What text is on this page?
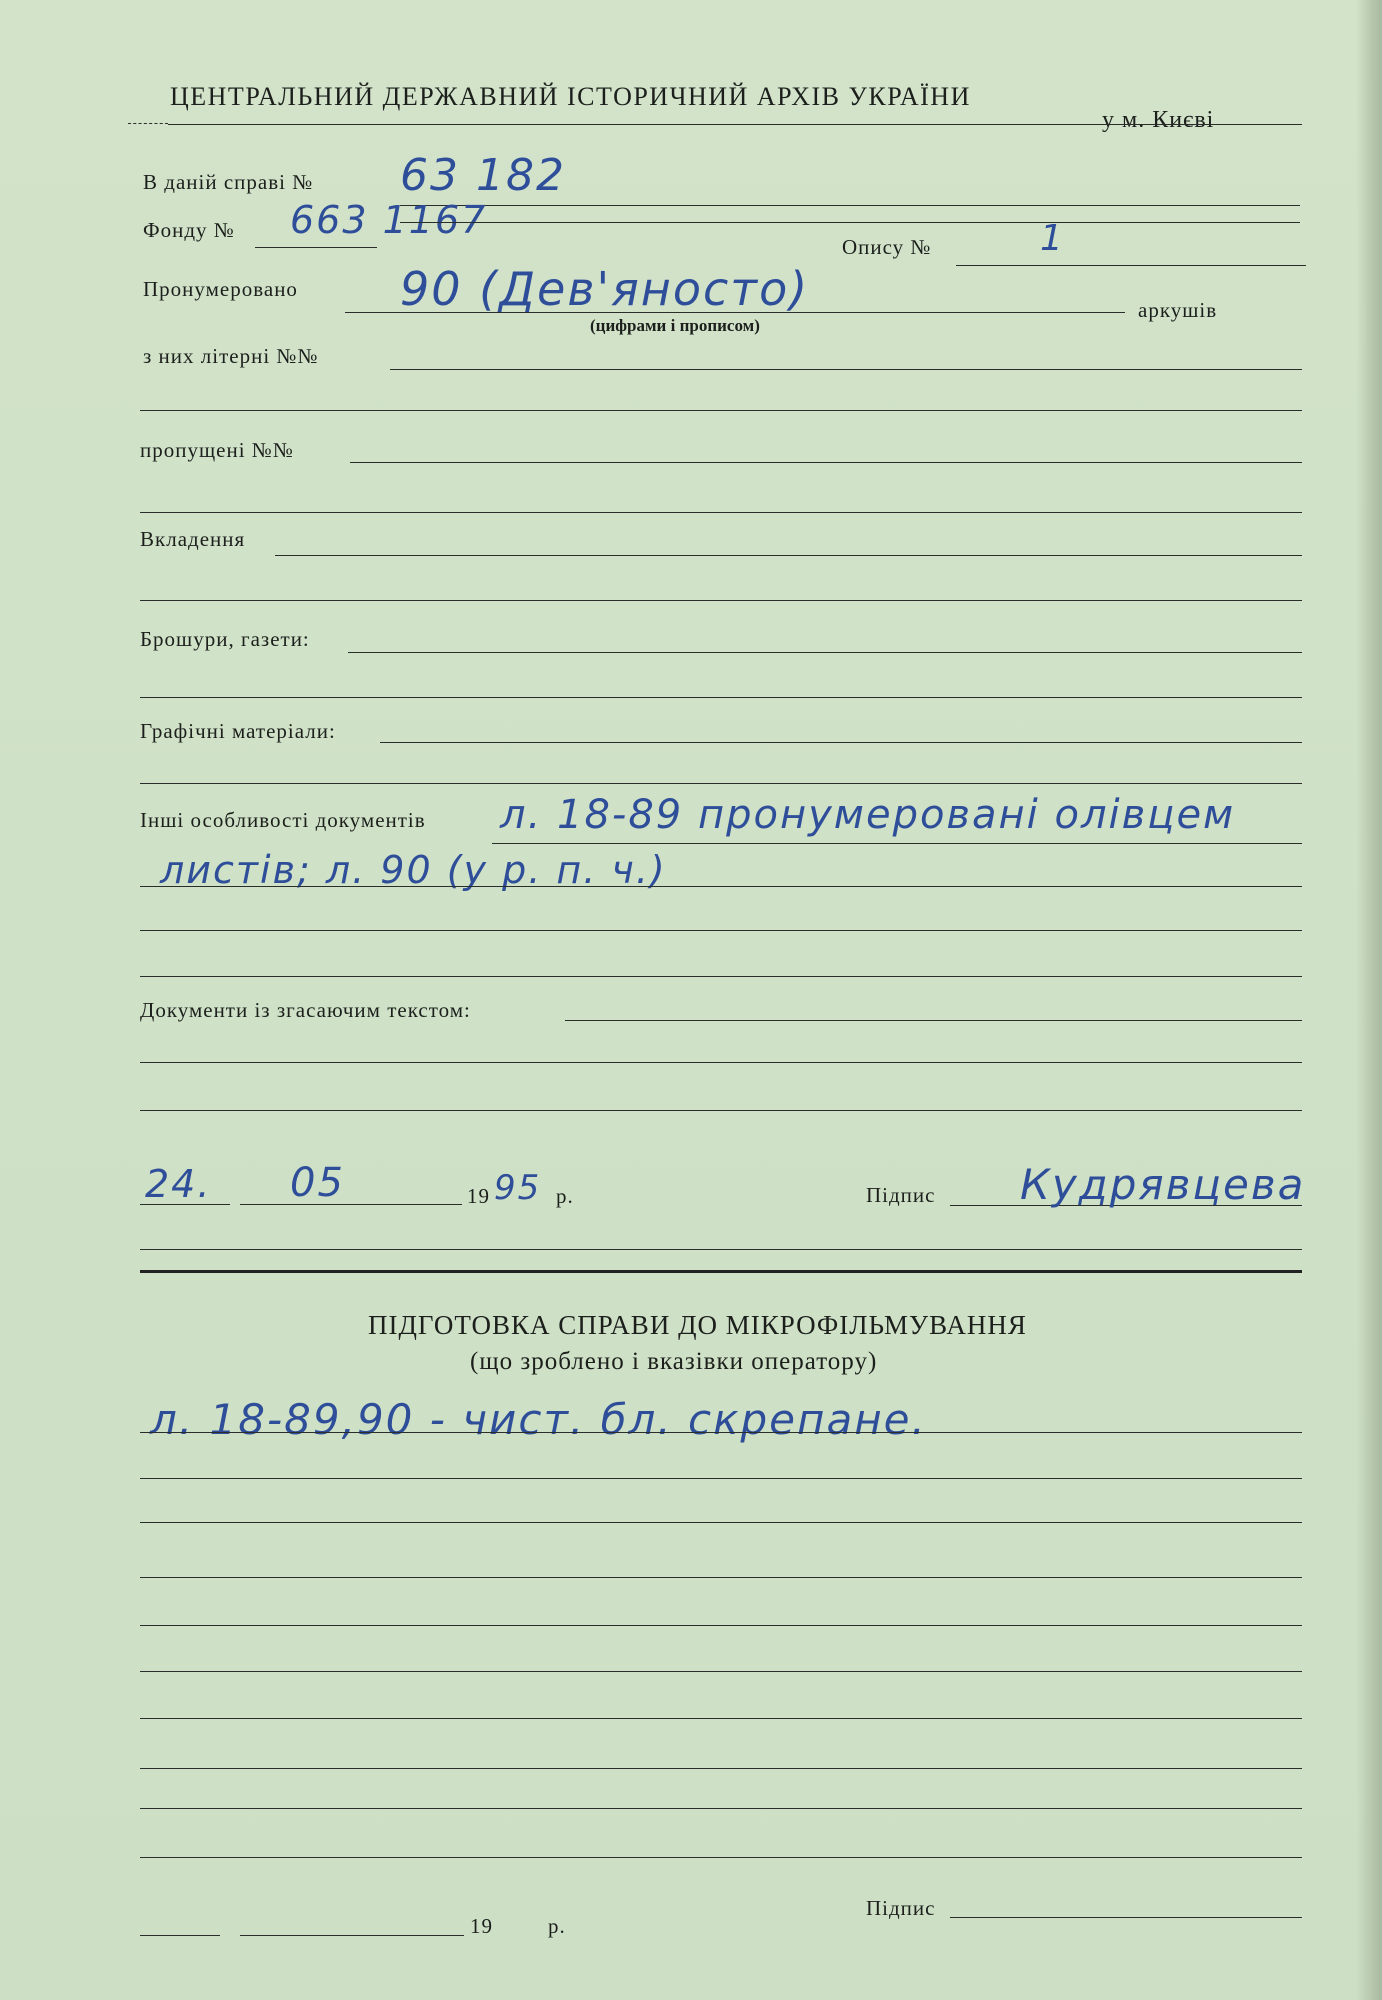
ЦЕНТРАЛЬНИЙ ДЕРЖАВНИЙ ІСТОРИЧНИЙ АРХІВ УКРАЇНИ
у м. Києві
В даній справі № 63 182
Фонду № 663 1167
Опису №	1
Пронумеровано 90 (Дев'яносто)
(цифрами і прописом)
аркушів
з них літерні №№
пропущені №№
Вкладення
Брошури, газети:
Графічні матеріали:
Інші особливості документів л. 18-89 пронумеровані олівцем
листів; л. 90 (у р. п. ч.)
Документи із згасаючим текстом:
24. 05	19 95 р.	Підпис Кудрявцева
ПІДГОТОВКА СПРАВИ ДО МІКРОФІЛЬМУВАННЯ
(що зроблено і вказівки оператору)
л. 18-89,90 - чист. бл. скрепане.
19	р.
Підпис
